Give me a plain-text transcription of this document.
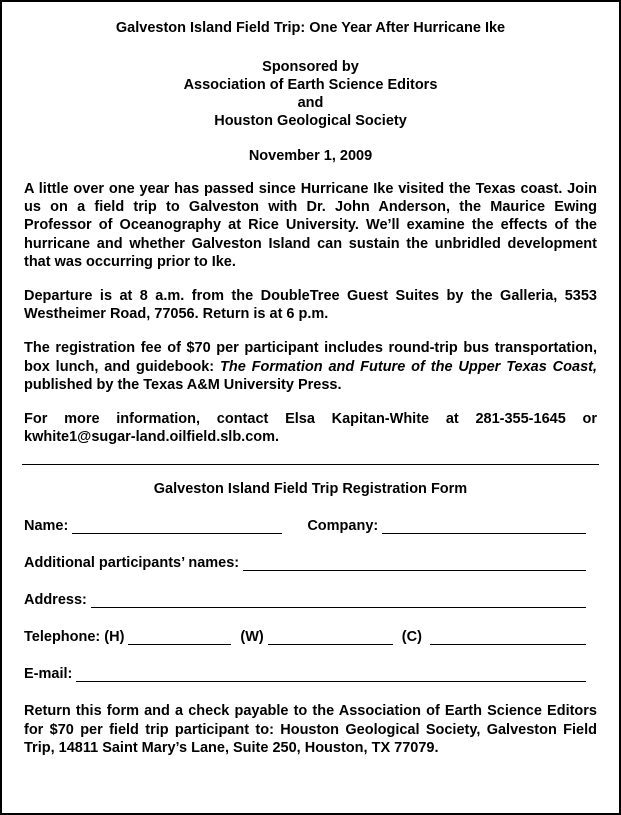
Galveston Island Field Trip: One Year After Hurricane Ike
Sponsored by
Association of Earth Science Editors
and
Houston Geological Society
November 1, 2009

A little over one year has passed since Hurricane Ike visited the Texas coast. Join us on a field trip to Galveston with Dr. John Anderson, the Maurice Ewing Professor of Oceanography at Rice University. We’ll examine the effects of the hurricane and whether Galveston Island can sustain the unbridled development that was occurring prior to Ike.

Departure is at 8 a.m. from the DoubleTree Guest Suites by the Galleria, 5353 Westheimer Road, 77056. Return is at 6 p.m.

The registration fee of $70 per participant includes round-trip bus transportation, box lunch, and guidebook: The Formation and Future of the Upper Texas Coast, published by the Texas A&M University Press.

For more information, contact Elsa Kapitan-White at 281-355-1645 or kwhite1@sugar-land.oilfield.slb.com.

Galveston Island Field Trip Registration Form
Name:	Company:
Additional participants’ names:
Address:
Telephone: (H)	(W)	(C)
E-mail:

Return this form and a check payable to the Association of Earth Science Editors for $70 per field trip participant to: Houston Geological Society, Galveston Field Trip, 14811 Saint Mary’s Lane, Suite 250, Houston, TX 77079.
